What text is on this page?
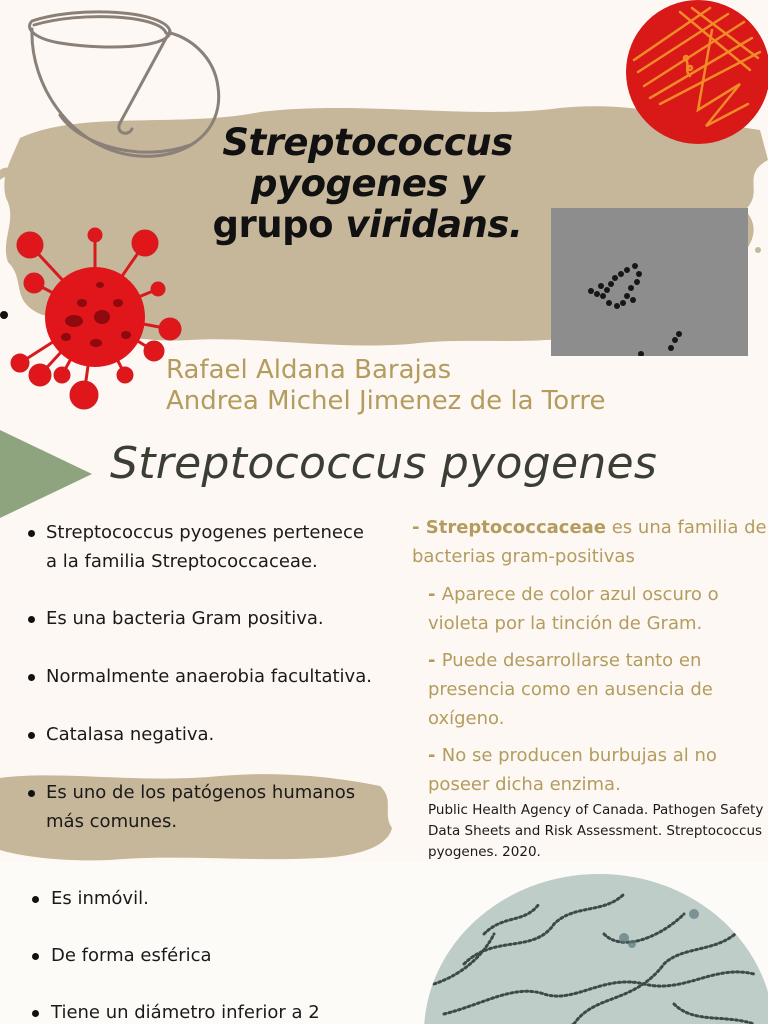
Streptococcus
pyogenes y
grupo viridans.
Rafael Aldana Barajas
Andrea Michel Jimenez de la Torre
Streptococcus pyogenes
Streptococcus pyogenes pertenece a la familia Streptococcaceae.
Es una bacteria Gram positiva.
Normalmente anaerobia facultativa.
Catalasa negativa.
Es uno de los patógenos humanos más comunes.
- Streptococcaceae es una familia de bacterias gram-positivas
- Aparece de color azul oscuro o violeta por la tinción de Gram.
- Puede desarrollarse tanto en presencia como en ausencia de oxígeno.
- No se producen burbujas al no poseer dicha enzima.
Public Health Agency of Canada. Pathogen Safety Data Sheets and Risk Assessment. Streptococcus pyogenes. 2020.
Es inmóvil.
De forma esférica
Tiene un diámetro inferior a 2
